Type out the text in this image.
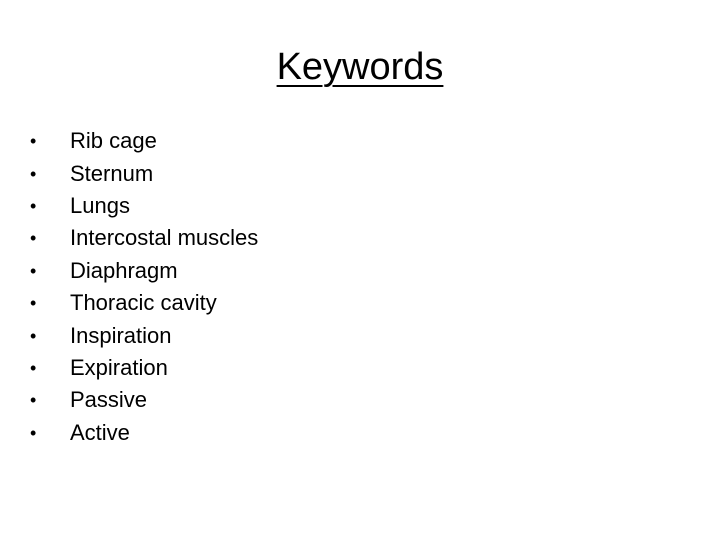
Keywords
•	Rib cage
•	Sternum
•	Lungs
•	Intercostal muscles
•	Diaphragm
•	Thoracic cavity
•	Inspiration
•	Expiration
•	Passive
•	Active
